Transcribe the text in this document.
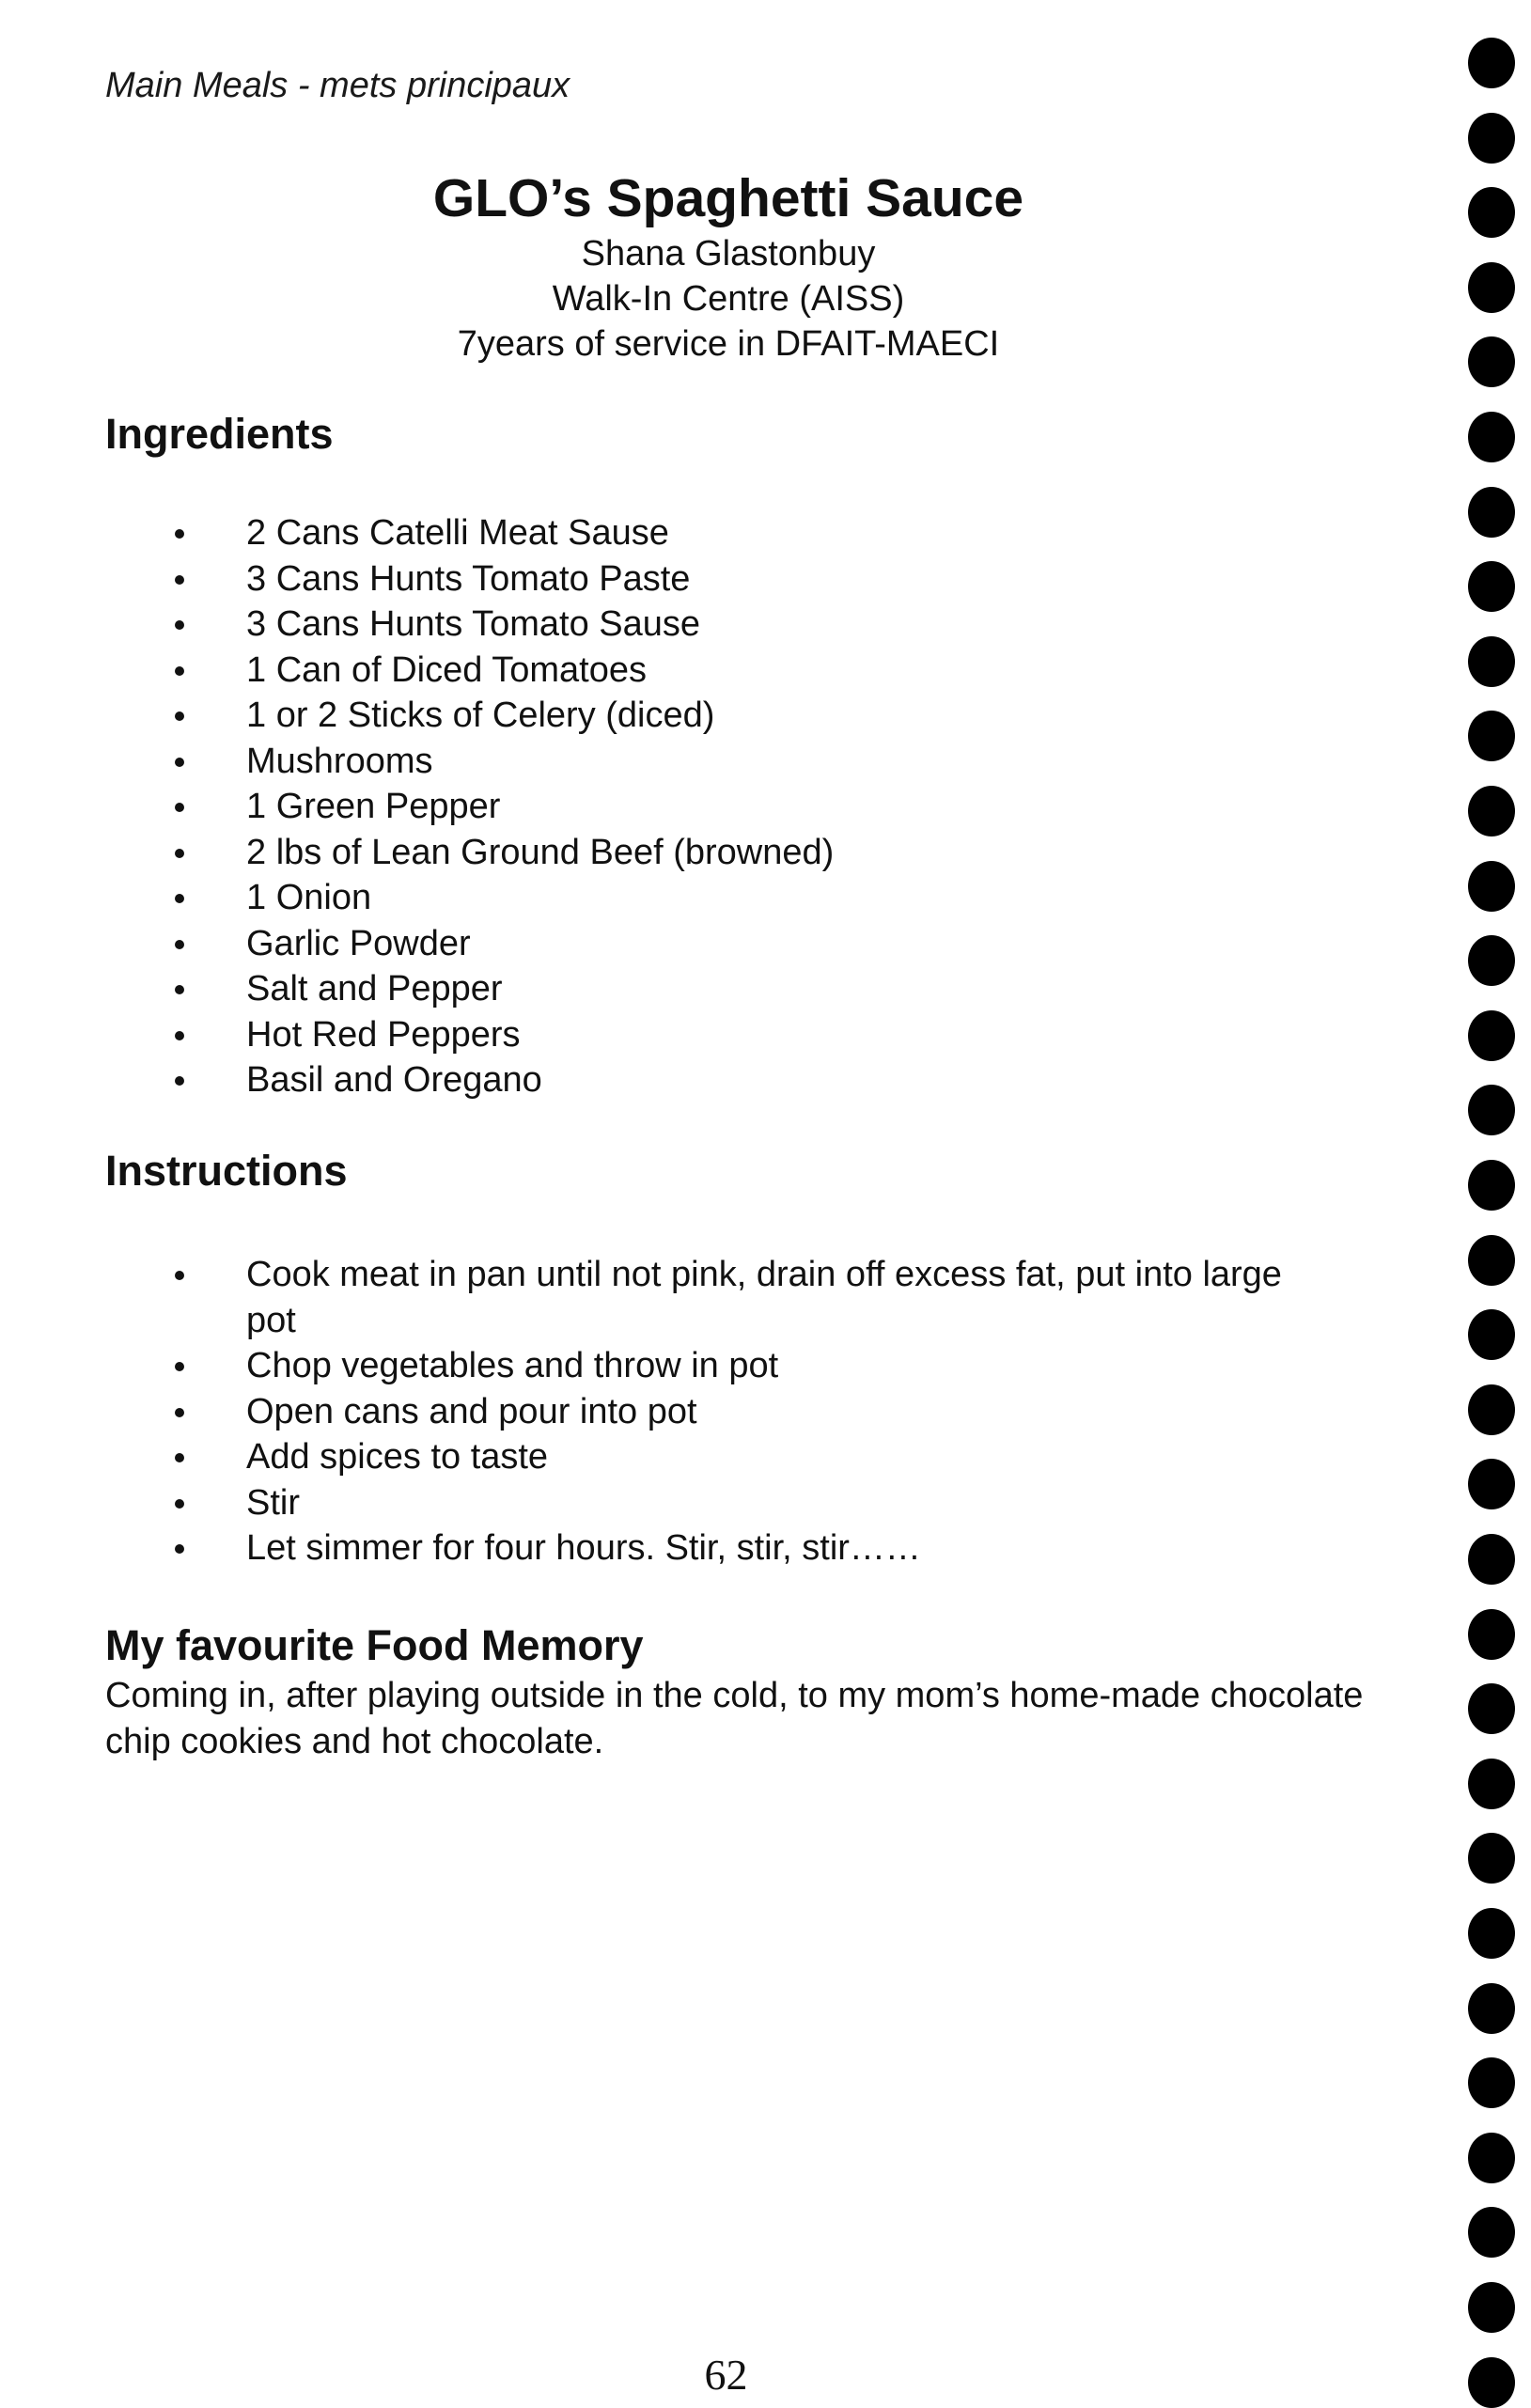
Main Meals - mets principaux
GLO’s Spaghetti Sauce
Shana Glastonbuy
Walk-In Centre (AISS)
7years of service in DFAIT-MAECI
Ingredients
2 Cans Catelli Meat Sause
3 Cans Hunts Tomato Paste
3 Cans Hunts Tomato Sause
1 Can of Diced Tomatoes
1 or 2 Sticks of Celery (diced)
Mushrooms
1 Green Pepper
2 lbs of Lean Ground Beef (browned)
1 Onion
Garlic Powder
Salt and Pepper
Hot Red Peppers
Basil and Oregano
Instructions
Cook meat in pan until not pink, drain off excess fat, put into large pot
Chop vegetables and throw in pot
Open cans and pour into pot
Add spices to taste
Stir
Let simmer for four hours. Stir, stir, stir……
My favourite Food Memory

Coming in, after playing outside in the cold, to my mom’s home-made chocolate chip cookies and hot chocolate.

62
